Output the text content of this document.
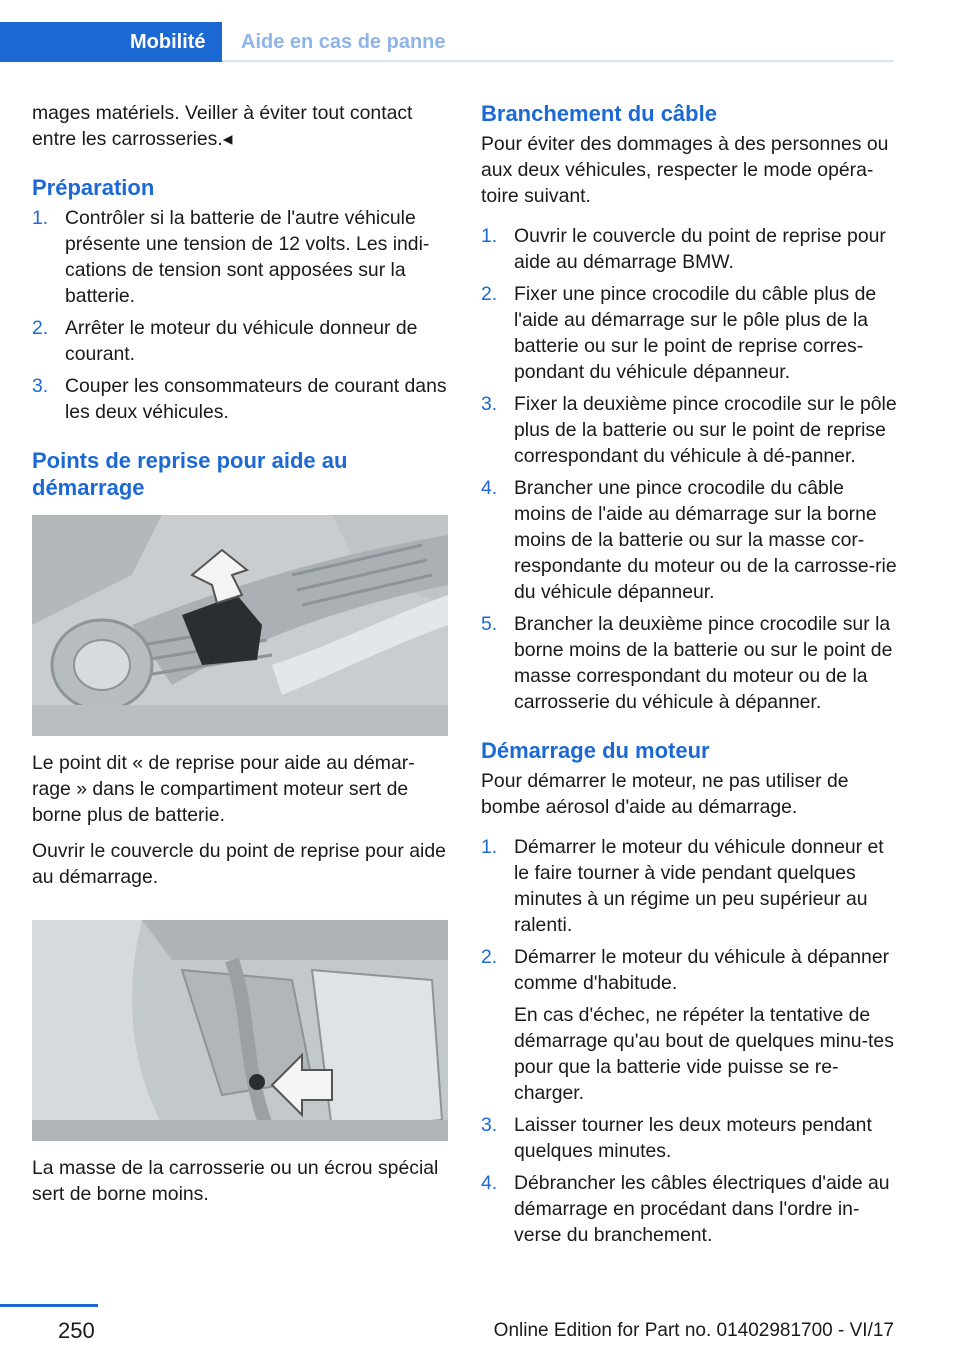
Mobilité	Aide en cas de panne

mages matériels. Veiller à éviter tout contact entre les carrosseries.◂

Préparation
1. Contrôler si la batterie de l'autre véhicule présente une tension de 12 volts. Les indi‐cations de tension sont apposées sur la batterie.
2. Arrêter le moteur du véhicule donneur de courant.
3. Couper les consommateurs de courant dans les deux véhicules.
Points de reprise pour aide au démarrage

Le point dit « de reprise pour aide au démar‐rage » dans le compartiment moteur sert de borne plus de batterie.

Ouvrir le couvercle du point de reprise pour aide au démarrage.

La masse de la carrosserie ou un écrou spécial sert de borne moins.

Branchement du câble

Pour éviter des dommages à des personnes ou aux deux véhicules, respecter le mode opéra‐toire suivant.

1. Ouvrir le couvercle du point de reprise pour aide au démarrage BMW.
2. Fixer une pince crocodile du câble plus de l'aide au démarrage sur le pôle plus de la batterie ou sur le point de reprise corres‐pondant du véhicule dépanneur.
3. Fixer la deuxième pince crocodile sur le pôle plus de la batterie ou sur le point de reprise correspondant du véhicule à dé‐panner.
4. Brancher une pince crocodile du câble moins de l'aide au démarrage sur la borne moins de la batterie ou sur la masse cor‐respondante du moteur ou de la carrosse‐rie du véhicule dépanneur.
5. Brancher la deuxième pince crocodile sur la borne moins de la batterie ou sur le point de masse correspondant du moteur ou de la carrosserie du véhicule à dépanner.
Démarrage du moteur

Pour démarrer le moteur, ne pas utiliser de bombe aérosol d'aide au démarrage.

1. Démarrer le moteur du véhicule donneur et le faire tourner à vide pendant quelques minutes à un régime un peu supérieur au ralenti.
2. Démarrer le moteur du véhicule à dépanner comme d'habitude.
En cas d'échec, ne répéter la tentative de démarrage qu'au bout de quelques minu‐tes pour que la batterie vide puisse se re‐charger.
3. Laisser tourner les deux moteurs pendant quelques minutes.
4. Débrancher les câbles électriques d'aide au démarrage en procédant dans l'ordre in‐verse du branchement.
250	Online Edition for Part no. 01402981700 - VI/17
